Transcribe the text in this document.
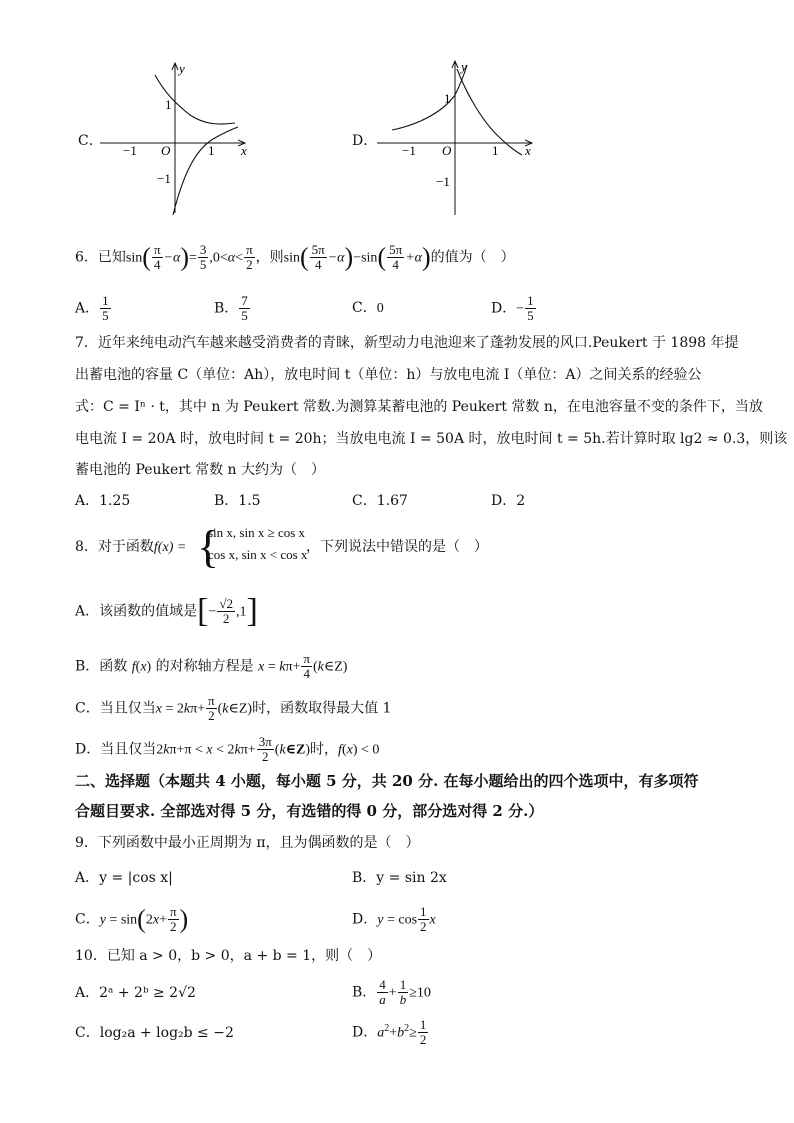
C．
y
x
O
1
−1
1
−1
D．
y
x
O
1
−1
1
−1
6．已知$\sin( \frac{\pi}{4} -\alpha)= \frac{3}{5} ,0<\alpha< \frac{\pi}{2}$ ，则$\sin( \frac{5\pi}{4} -\alpha)-\sin( \frac{5\pi}{4} +\alpha)$的值为（　）
A． $\frac{1}{5}$	B． $\frac{7}{5}$	C．0	D．− $\frac{1}{5}$
7．近年来纯电动汽车越来越受消费者的青睐，新型动力电池迎来了蓬勃发展的风口.Peukert 于 1898 年提
出蓄电池的容量 C（单位：Ah），放电时间 t（单位：h）与放电电流 I（单位：A）之间关系的经验公
式：C = Iⁿ · t，其中 n 为 Peukert 常数.为测算某蓄电池的 Peukert 常数 n，在电池容量不变的条件下，当放
电电流 I = 20A 时，放电时间 t = 20h；当放电电流 I = 50A 时，放电时间 t = 5h.若计算时取 lg2 ≈ 0.3，则该
蓄电池的 Peukert 常数 n 大约为（　）
A．1.25	B．1.5	C．1.67	D．2
8．对于函数f(x) = {
sin x, sin x ≥ cos x
cos x, sin x < cos x
，下列说法中错误的是（　）
A．该函数的值域是[− $\frac{√2}{2} ,1$]
B．函数 f(x) 的对称轴方程是 $x = k\pi+ \frac{\pi}{4}$ (k∈Z)
C．当且仅当$x = 2k\pi+ \frac{\pi}{2}$ (k∈Z)时，函数取得最大值 1
D．当且仅当$2k\pi+\pi < x < 2k\pi+ \frac{3\pi}{2}$ (k∈Z)时，f(x) < 0
二、选择题（本题共 4 小题，每小题 5 分，共 20 分. 在每小题给出的四个选项中，有多项符
合题目要求. 全部选对得 5 分，有选错的得 0 分，部分选对得 2 分.）
9．下列函数中最小正周期为 π，且为偶函数的是（　）
A．y = |cos x|	B．y = sin 2x
C．$y = \sin(2x+ \frac{\pi}{2}$ )	D．$y = \cos \frac{1}{2}$ x
10．已知 a > 0，b > 0，a + b = 1，则（　）
A．2ᵃ + 2ᵇ ≥ 2√2	B． $\frac{4}{a} + \frac{1}{b} \ge 10$
C．log₂a + log₂b ≤ −2	D．$a^2+b^2\ge \frac{1}{2}$
